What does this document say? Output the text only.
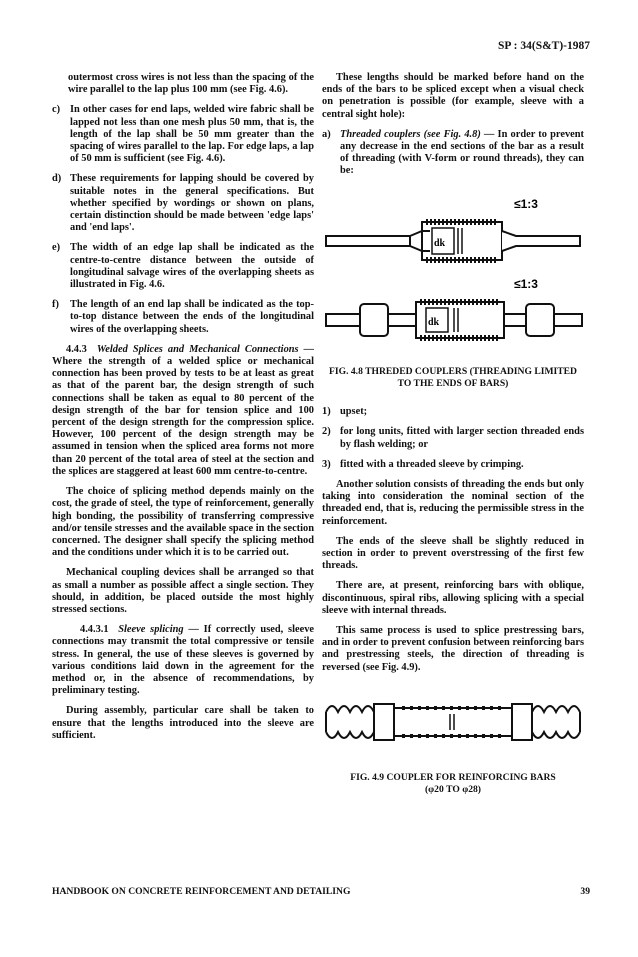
SP : 34(S&T)-1987

outermost cross wires is not less than the spacing of the wire parallel to the lap plus 100 mm (see Fig. 4.6).

c) In other cases for end laps, welded wire fabric shall be lapped not less than one mesh plus 50 mm, that is, the length of the lap shall be 50 mm greater than the spacing of wires parallel to the lap. For edge laps, a lap of 50 mm is sufficient (see Fig. 4.6).
d) These requirements for lapping should be covered by suitable notes in the general specifications. But whether specified by wordings or shown on plans, certain distinction should be made between 'edge laps' and 'end laps'.
e) The width of an edge lap shall be indicated as the centre-to-centre distance between the outside of longitudinal salvage wires of the overlapping sheets as illustrated in Fig. 4.6.
f)	The length of an end lap shall be indicated as the top-to-top distance between the ends of the longitudinal wires of the overlapping sheets.

4.4.3 Welded Splices and Mechanical Connections — Where the strength of a welded splice or mechanical connection has been proved by tests to be at least as great as that of the parent bar, the design strength of such connections shall be taken as equal to 80 percent of the design strength of the bar for tension splice and 100 percent of the design strength for the compression splice. However, 100 percent of the design strength may be assumed in tension when the spliced area forms not more than 20 percent of the total area of steel at the section and the splices are staggered at least 600 mm centre-to-centre.

The choice of splicing method depends mainly on the cost, the grade of steel, the type of reinforcement, generally high bonding, the possibility of transferring compressive and/or tensile stresses and the available space in the section concerned. The designer shall specify the splicing method and the conditions under which it is to be carried out.

Mechanical coupling devices shall be arranged so that as small a number as possible affect a single section. They should, in addition, be placed outside the most highly stressed sections.

4.4.3.1 Sleeve splicing — If correctly used, sleeve connections may transmit the total compressive or tensile stress. In general, the use of these sleeves is governed by various conditions laid down in the agreement for the method or, in the absence of recommendations, by preliminary testing.

During assembly, particular care shall be taken to ensure that the lengths introduced into the sleeve are sufficient.

These lengths should be marked before hand on the ends of the bars to be spliced except when a visual check on penetration is possible (for example, sleeve with a central sight hole):

a) Threaded couplers (see Fig. 4.8) — In order to prevent any decrease in the end sections of the bar as a result of threading (with V-form or round threads), they can be:
dk
≤1:3
dk
≤1:3
FIG. 4.8 THREDED COUPLERS (THREADING LIMITED TO THE ENDS OF BARS)
1) upset;
2) for long units, fitted with larger section threaded ends by flash welding; or
3) fitted with a threaded sleeve by crimping.

Another solution consists of threading the ends but only taking into consideration the nominal section of the threaded end, that is, reducing the permissible stress in the reinforcement.

The ends of the sleeve shall be slightly reduced in section in order to prevent overstressing of the first few threads.

There are, at present, reinforcing bars with oblique, discontinuous, spiral ribs, allowing splicing with a special sleeve with internal threads.

This same process is used to splice prestressing bars, and in order to prevent confusion between reinforcing bars and prestressing steels, the direction of threading is reversed (see Fig. 4.9).

FIG. 4.9 COUPLER FOR REINFORCING BARS
(φ20 TO φ28)
HANDBOOK ON CONCRETE REINFORCEMENT AND DETAILING	39
